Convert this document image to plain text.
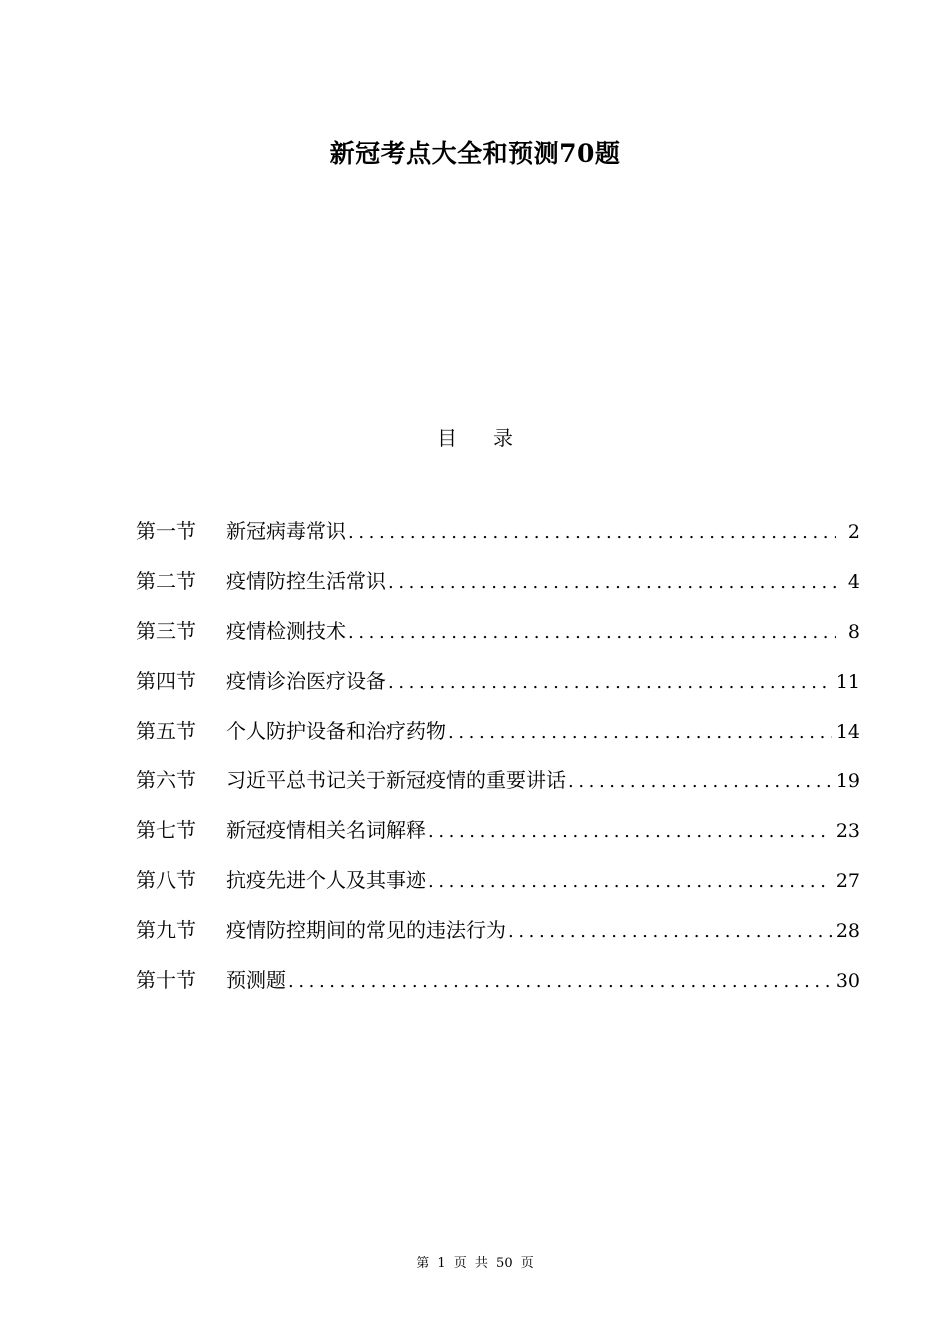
新冠考点大全和预测70题
目 录
第一节	新冠病毒常识 .....	2
第二节	疫情防控生活常识 .....	4
第三节	疫情检测技术 .....	8
第四节	疫情诊治医疗设备 .....	11
第五节	个人防护设备和治疗药物 .....	14
第六节	习近平总书记关于新冠疫情的重要讲话 .....	19
第七节	新冠疫情相关名词解释 .....	23
第八节	抗疫先进个人及其事迹 .....	27
第九节	疫情防控期间的常见的违法行为 .....	28
第十节	预测题 .....	30
第 1 页 共 50 页
